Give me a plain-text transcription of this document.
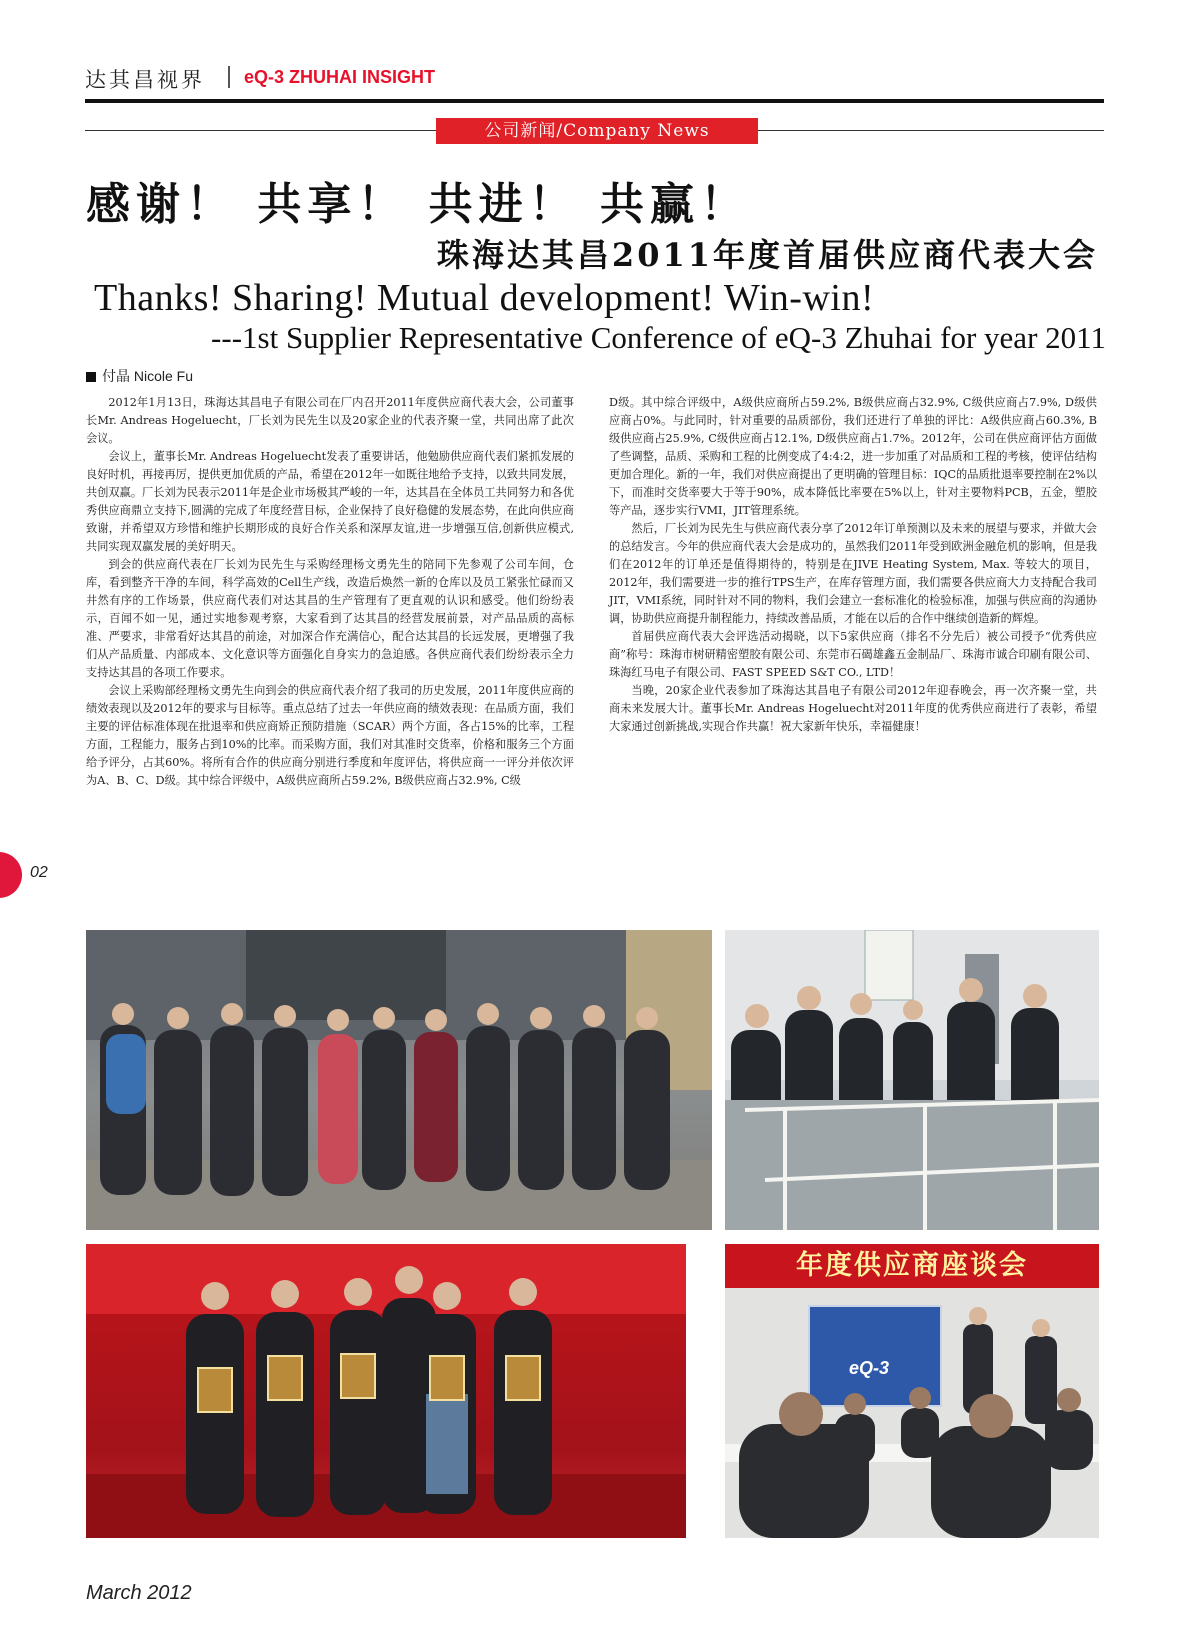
达其昌视界 eQ-3 ZHUHAI INSIGHT
公司新闻/Company News
感谢！ 共享！ 共进！ 共赢！
珠海达其昌2011年度首届供应商代表大会
Thanks! Sharing! Mutual development! Win-win!
---1st Supplier Representative Conference of eQ-3 Zhuhai for year 2011
付晶 Nicole Fu

2012年1月13日，珠海达其昌电子有限公司在厂内召开2011年度供应商代表大会，公司董事长Mr. Andreas Hogeluecht，厂长刘为民先生以及20家企业的代表齐聚一堂，共同出席了此次会议。

会议上，董事长Mr. Andreas Hogeluecht发表了重要讲话，他勉励供应商代表们紧抓发展的良好时机，再接再厉，提供更加优质的产品，希望在2012年一如既往地给予支持，以致共同发展，共创双赢。厂长刘为民表示2011年是企业市场极其严峻的一年，达其昌在全体员工共同努力和各优秀供应商鼎立支持下,圆满的完成了年度经营目标，企业保持了良好稳健的发展态势，在此向供应商致谢，并希望双方珍惜和维护长期形成的良好合作关系和深厚友谊,进一步增强互信,创新供应模式,共同实现双赢发展的美好明天。

到会的供应商代表在厂长刘为民先生与采购经理杨文勇先生的陪同下先参观了公司车间，仓库，看到整齐干净的车间，科学高效的Cell生产线，改造后焕然一新的仓库以及员工紧张忙碌而又井然有序的工作场景，供应商代表们对达其昌的生产管理有了更直观的认识和感受。他们纷纷表示，百闻不如一见，通过实地参观考察，大家看到了达其昌的经营发展前景，对产品品质的高标准、严要求，非常看好达其昌的前途，对加深合作充满信心，配合达其昌的长远发展，更增强了我们从产品质量、内部成本、文化意识等方面强化自身实力的急迫感。各供应商代表们纷纷表示全力支持达其昌的各项工作要求。

会议上采购部经理杨文勇先生向到会的供应商代表介绍了我司的历史发展，2011年度供应商的绩效表现以及2012年的要求与目标等。重点总结了过去一年供应商的绩效表现：在品质方面，我们主要的评估标准体现在批退率和供应商矫正预防措施（SCAR）两个方面，各占15%的比率，工程方面，工程能力，服务占到10%的比率。而采购方面，我们对其准时交货率，价格和服务三个方面给予评分，占其60%。将所有合作的供应商分别进行季度和年度评估，将供应商一一评分并依次评为A、B、C、D级。其中综合评级中，A级供应商所占59.2%, B级供应商占32.9%, C级

D级。其中综合评级中，A级供应商所占59.2%, B级供应商占32.9%, C级供应商占7.9%, D级供应商占0%。与此同时，针对重要的品质部份，我们还进行了单独的评比：A级供应商占60.3%, B级供应商占25.9%, C级供应商占12.1%, D级供应商占1.7%。2012年，公司在供应商评估方面做了些调整，品质、采购和工程的比例变成了4:4:2，进一步加重了对品质和工程的考核，使评估结构更加合理化。新的一年，我们对供应商提出了更明确的管理目标：IQC的品质批退率要控制在2%以下，而准时交货率要大于等于90%，成本降低比率要在5%以上，针对主要物料PCB，五金，塑胶等产品，逐步实行VMI，JIT管理系统。

然后，厂长刘为民先生与供应商代表分享了2012年订单预测以及未来的展望与要求，并做大会的总结发言。今年的供应商代表大会是成功的，虽然我们2011年受到欧洲金融危机的影响，但是我们在2012年的订单还是值得期待的，特别是在JIVE Heating System, Max. 等较大的项目，2012年，我们需要进一步的推行TPS生产，在库存管理方面，我们需要各供应商大力支持配合我司JIT，VMI系统，同时针对不同的物料，我们会建立一套标准化的检验标准，加强与供应商的沟通协调，协助供应商提升制程能力，持续改善品质，才能在以后的合作中继续创造新的辉煌。

首届供应商代表大会评选活动揭晓，以下5家供应商（排名不分先后）被公司授予“优秀供应商”称号：珠海市树研精密塑胶有限公司、东莞市石碣雄鑫五金制品厂、珠海市诚合印刷有限公司、珠海红马电子有限公司、FAST SPEED S&T CO., LTD！

当晚，20家企业代表参加了珠海达其昌电子有限公司2012年迎春晚会，再一次齐聚一堂，共商未来发展大计。董事长Mr. Andreas Hogeluecht对2011年度的优秀供应商进行了表彰，希望大家通过创新挑战,实现合作共赢！祝大家新年快乐，幸福健康！

02
年度供应商座谈会
eQ-3
March 2012
